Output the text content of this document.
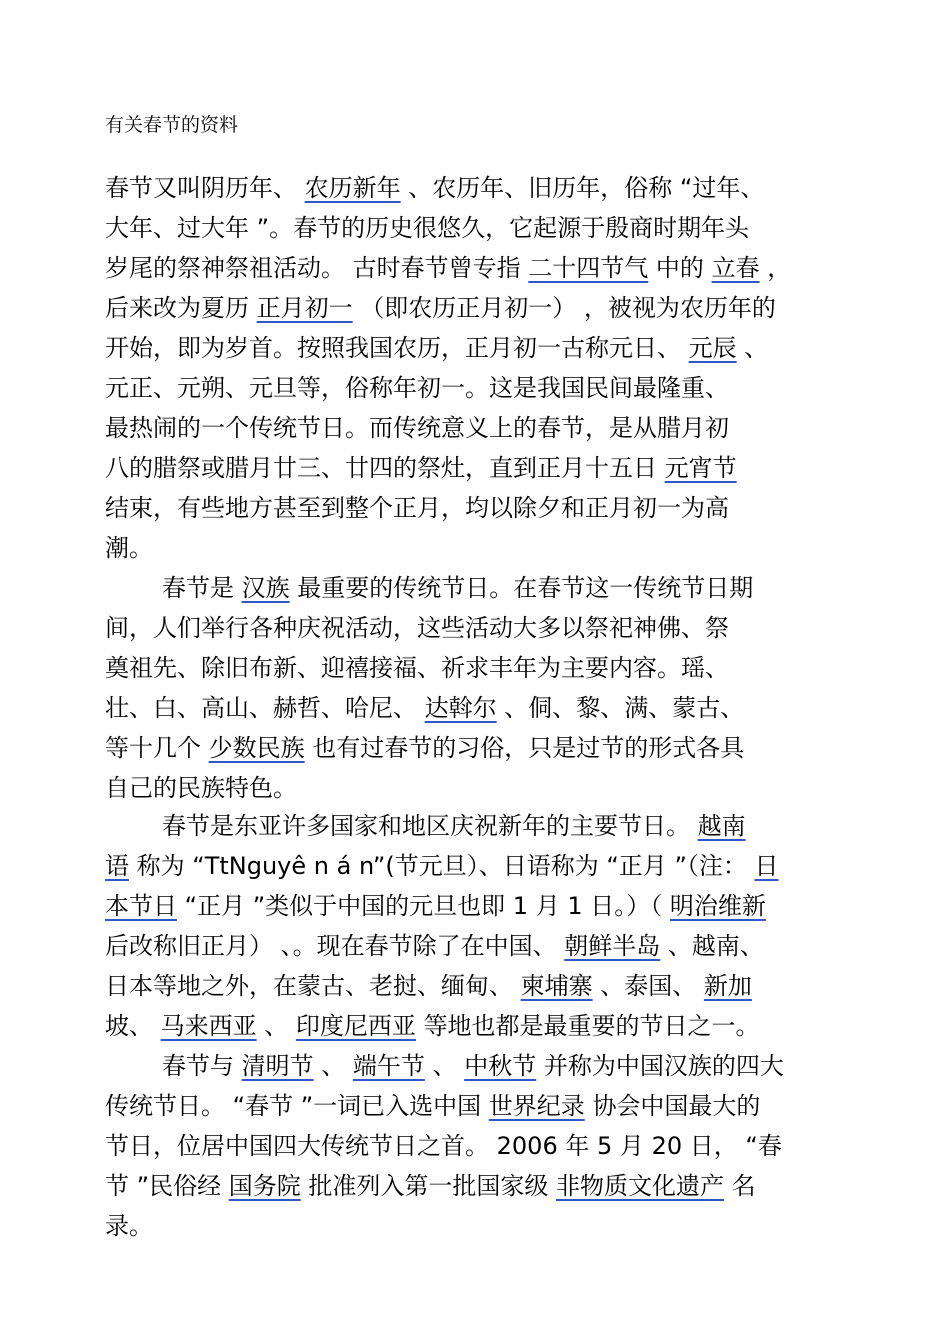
有关春节的资料
春节又叫阴历年、 农历新年 、农历年、旧历年，俗称 “过年、
大年、过大年 ”。春节的历史很悠久，它起源于殷商时期年头
岁尾的祭神祭祖活动。 古时春节曾专指 二十四节气 中的 立春 ，
后来改为夏历 正月初一 （即农历正月初一） ，被视为农历年的
开始，即为岁首。按照我国农历，正月初一古称元日、 元辰 、
元正、元朔、元旦等，俗称年初一。这是我国民间最隆重、
最热闹的一个传统节日。而传统意义上的春节，是从腊月初
八的腊祭或腊月廿三、廿四的祭灶，直到正月十五日 元宵节
结束，有些地方甚至到整个正月，均以除夕和正月初一为高
潮。
春节是 汉族 最重要的传统节日。在春节这一传统节日期
间，人们举行各种庆祝活动，这些活动大多以祭祀神佛、祭
奠祖先、除旧布新、迎禧接福、祈求丰年为主要内容。瑶、
壮、白、高山、赫哲、哈尼、 达斡尔 、侗、黎、满、蒙古、
等十几个 少数民族 也有过春节的习俗，只是过节的形式各具
自己的民族特色。
春节是东亚许多国家和地区庆祝新年的主要节日。 越南
语 称为 “TtNguyê n á n”(节元旦）、日语称为 “正月 ”（注： 日
本节日 “正月 ”类似于中国的元旦也即 1 月 1 日。）（ 明治维新
后改称旧正月） 、。现在春节除了在中国、 朝鲜半岛 、越南、
日本等地之外，在蒙古、老挝、缅甸、 柬埔寨 、泰国、 新加
坡、 马来西亚 、 印度尼西亚 等地也都是最重要的节日之一。
春节与 清明节 、 端午节 、 中秋节 并称为中国汉族的四大
传统节日。 “春节 ”一词已入选中国 世界纪录 协会中国最大的
节日，位居中国四大传统节日之首。 2006 年 5 月 20 日， “春
节 ”民俗经 国务院 批准列入第一批国家级 非物质文化遗产 名
录。
